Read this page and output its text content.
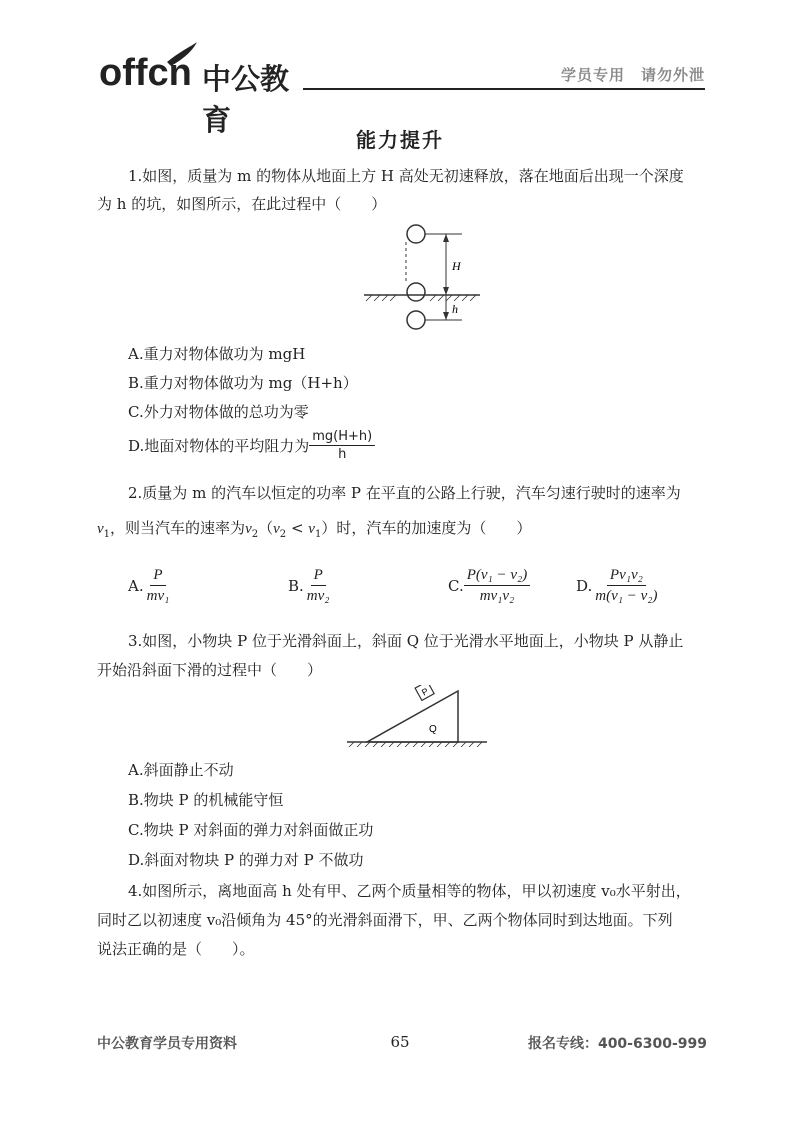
offcn 中公教育
学员专用　请勿外泄
能力提升
1.如图，质量为 m 的物体从地面上方 H 高处无初速释放，落在地面后出现一个深度
为 h 的坑，如图所示，在此过程中（　　）
H
h
A.重力对物体做功为 mgH
B.重力对物体做功为 mg（H+h）
C.外力对物体做的总功为零
D.地面对物体的平均阻力为 $\frac{mg(H+h)}{h}$
2.质量为 m 的汽车以恒定的功率 P 在平直的公路上行驶，汽车匀速行驶时的速率为
$v_1$，则当汽车的速率为$v_2(v_2 < v_1)$时，汽车的加速度为（　　）
A. $\frac{P}{\text{mv₁}}$	B. $\frac{P}{\text{mv₂}}$	C. $\frac{\text{P(v₁ − v₂)}}{\text{mv₁v₂}}$	D. $\frac{\text{Pv₁v₂}}{\text{m(v₁ − v₂)}}$
3.如图，小物块 P 位于光滑斜面上，斜面 Q 位于光滑水平地面上，小物块 P 从静止
开始沿斜面下滑的过程中（　　）
P
Q
A.斜面静止不动
B.物块 P 的机械能守恒
C.物块 P 对斜面的弹力对斜面做正功
D.斜面对物块 P 的弹力对 P 不做功
4.如图所示，离地面高 h 处有甲、乙两个质量相等的物体，甲以初速度 v₀水平射出，
同时乙以初速度 v₀沿倾角为 45°的光滑斜面滑下，甲、乙两个物体同时到达地面。下列
说法正确的是（　　）。
中公教育学员专用资料	65	报名专线：400-6300-999
